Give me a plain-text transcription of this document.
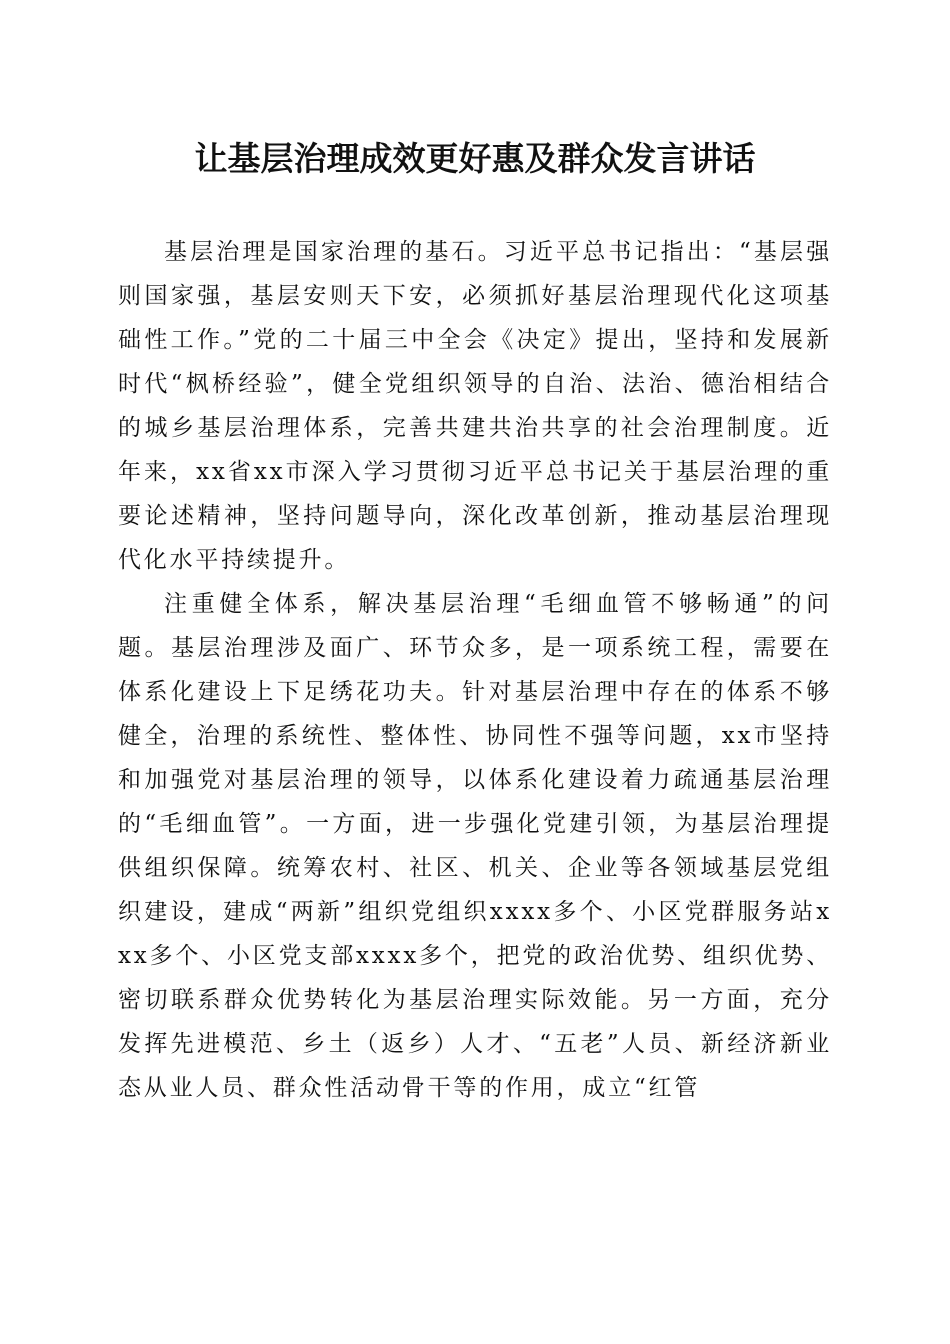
让基层治理成效更好惠及群众发言讲话

基层治理是国家治理的基石。习近平总书记指出：“基层强则国家强，基层安则天下安，必须抓好基层治理现代化这项基础性工作。”党的二十届三中全会《决定》提出，坚持和发展新时代“枫桥经验”，健全党组织领导的自治、法治、德治相结合的城乡基层治理体系，完善共建共治共享的社会治理制度。近年来，xx省xx市深入学习贯彻习近平总书记关于基层治理的重要论述精神，坚持问题导向，深化改革创新，推动基层治理现代化水平持续提升。

注重健全体系，解决基层治理“毛细血管不够畅通”的问题。基层治理涉及面广、环节众多，是一项系统工程，需要在体系化建设上下足绣花功夫。针对基层治理中存在的体系不够健全，治理的系统性、整体性、协同性不强等问题，xx市坚持和加强党对基层治理的领导，以体系化建设着力疏通基层治理的“毛细血管”。一方面，进一步强化党建引领，为基层治理提供组织保障。统筹农村、社区、机关、企业等各领域基层党组织建设，建成“两新”组织党组织xxxx多个、小区党群服务站xxx多个、小区党支部xxxx多个，把党的政治优势、组织优势、密切联系群众优势转化为基层治理实际效能。另一方面，充分发挥先进模范、乡土（返乡）人才、“五老”人员、新经济新业态从业人员、群众性活动骨干等的作用，成立“红管
